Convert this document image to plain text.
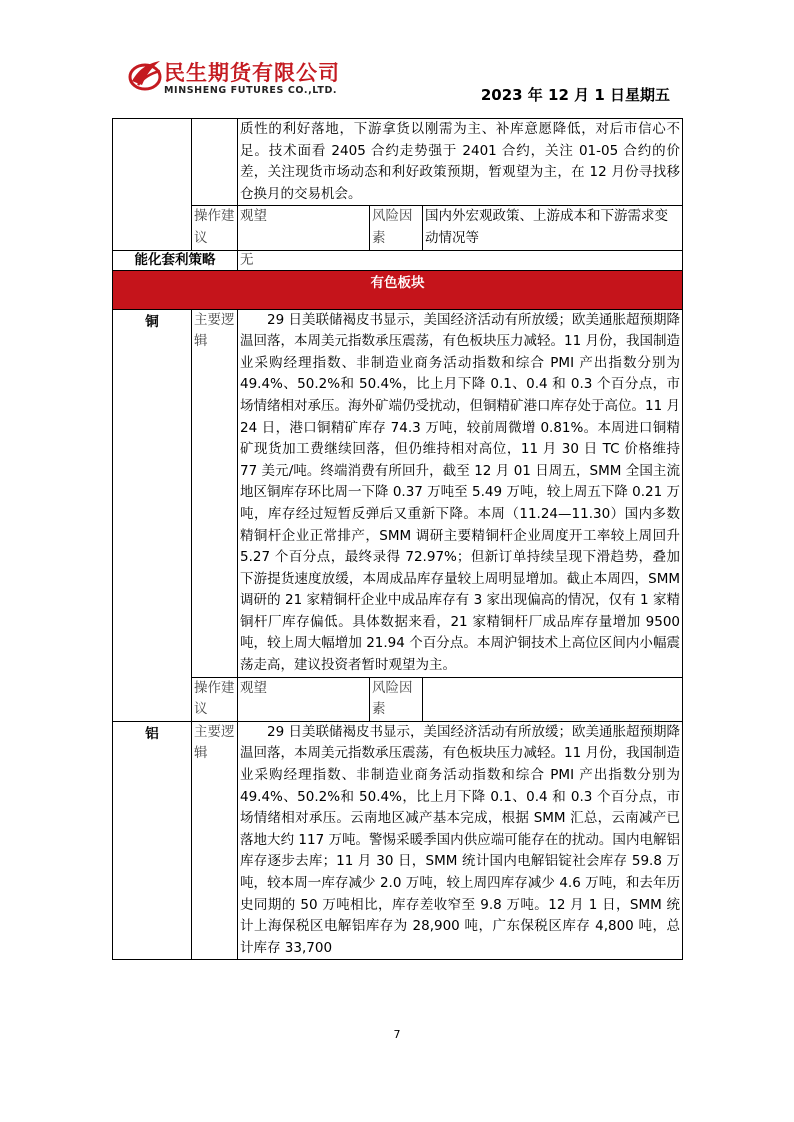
民生期货有限公司
MINSHENG FUTURES CO.,LTD.	2023 年 12 月 1 日星期五
		质性的利好落地，下游拿货以刚需为主、补库意愿降低，对后市信心不足。技术面看 2405 合约走势强于 2401 合约，关注 01-05 合约的价差，关注现货市场动态和利好政策预期，暂观望为主，在 12 月份寻找移仓换月的交易机会。		
	操作建议	观望	风险因素	国内外宏观政策、上游成本和下游需求变动情况等
能化套利策略		无		
有色板块				
铜	主要逻辑	29 日美联储褐皮书显示，美国经济活动有所放缓；欧美通胀超预期降温回落，本周美元指数承压震荡，有色板块压力减轻。11 月份，我国制造业采购经理指数、非制造业商务活动指数和综合 PMI 产出指数分别为 49.4%、50.2%和 50.4%，比上月下降 0.1、0.4 和 0.3 个百分点，市场情绪相对承压。海外矿端仍受扰动，但铜精矿港口库存处于高位。11 月 24 日，港口铜精矿库存 74.3 万吨，较前周微增 0.81%。本周进口铜精矿现货加工费继续回落，但仍维持相对高位，11 月 30 日 TC 价格维持 77 美元/吨。终端消费有所回升，截至 12 月 01 日周五，SMM 全国主流地区铜库存环比周一下降 0.37 万吨至 5.49 万吨，较上周五下降 0.21 万吨，库存经过短暂反弹后又重新下降。本周（11.24—11.30）国内多数精铜杆企业正常排产，SMM 调研主要精铜杆企业周度开工率较上周回升 5.27 个百分点，最终录得 72.97%；但新订单持续呈现下滑趋势，叠加下游提货速度放缓，本周成品库存量较上周明显增加。截止本周四，SMM 调研的 21 家精铜杆企业中成品库存有 3 家出现偏高的情况，仅有 1 家精铜杆厂库存偏低。具体数据来看，21 家精铜杆厂成品库存量增加 9500 吨，较上周大幅增加 21.94 个百分点。本周沪铜技术上高位区间内小幅震荡走高，建议投资者暂时观望为主。		
	操作建议	观望	风险因素	
铝	主要逻辑	29 日美联储褐皮书显示，美国经济活动有所放缓；欧美通胀超预期降温回落，本周美元指数承压震荡，有色板块压力减轻。11 月份，我国制造业采购经理指数、非制造业商务活动指数和综合 PMI 产出指数分别为 49.4%、50.2%和 50.4%，比上月下降 0.1、0.4 和 0.3 个百分点，市场情绪相对承压。云南地区减产基本完成，根据 SMM 汇总，云南减产已落地大约 117 万吨。警惕采暖季国内供应端可能存在的扰动。国内电解铝库存逐步去库；11 月 30 日，SMM 统计国内电解铝锭社会库存 59.8 万吨，较本周一库存减少 2.0 万吨，较上周四库存减少 4.6 万吨，和去年历史同期的 50 万吨相比，库存差收窄至 9.8 万吨。12 月 1 日，SMM 统计上海保税区电解铝库存为 28,900 吨，广东保税区库存 4,800 吨，总计库存 33,700		
7
